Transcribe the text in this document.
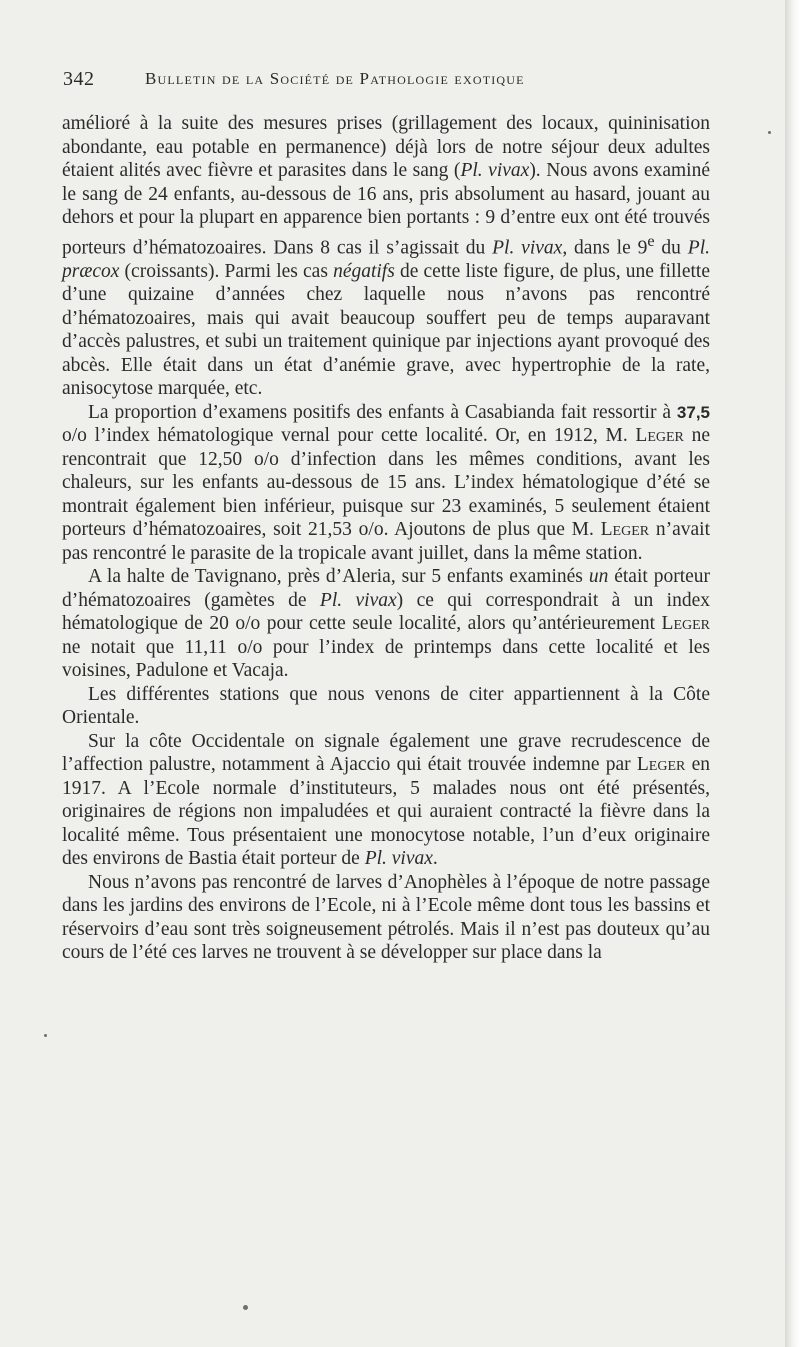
342	Bulletin de la Société de Pathologie exotique

amélioré à la suite des mesures prises (grillagement des locaux, quininisation abondante, eau potable en permanence) déjà lors de notre séjour deux adultes étaient alités avec fièvre et parasites dans le sang (Pl. vivax). Nous avons examiné le sang de 24 enfants, au-dessous de 16 ans, pris absolument au hasard, jouant au dehors et pour la plupart en apparence bien portants : 9 d’entre eux ont été trouvés porteurs d’hématozoaires. Dans 8 cas il s’agissait du Pl. vivax, dans le 9e du Pl. præcox (croissants). Parmi les cas négatifs de cette liste figure, de plus, une fillette d’une quizaine d’années chez laquelle nous n’avons pas rencontré d’hématozoaires, mais qui avait beaucoup souffert peu de temps auparavant d’accès palustres, et subi un traitement quinique par injections ayant provoqué des abcès. Elle était dans un état d’anémie grave, avec hypertrophie de la rate, anisocytose marquée, etc.

La proportion d’examens positifs des enfants à Casabianda fait ressortir à 37,5 o/o l’index hématologique vernal pour cette localité. Or, en 1912, M. Leger ne rencontrait que 12,50 o/o d’infection dans les mêmes conditions, avant les chaleurs, sur les enfants au-dessous de 15 ans. L’index hématologique d’été se montrait également bien inférieur, puisque sur 23 examinés, 5 seulement étaient porteurs d’hématozoaires, soit 21,53 o/o. Ajoutons de plus que M. Leger n’avait pas rencontré le parasite de la tropicale avant juillet, dans la même station.

A la halte de Tavignano, près d’Aleria, sur 5 enfants examinés un était porteur d’hématozoaires (gamètes de Pl. vivax) ce qui correspondrait à un index hématologique de 20 o/o pour cette seule localité, alors qu’antérieurement Leger ne notait que 11,11 o/o pour l’index de printemps dans cette localité et les voisines, Padulone et Vacaja.

Les différentes stations que nous venons de citer appartiennent à la Côte Orientale.

Sur la côte Occidentale on signale également une grave recrudescence de l’affection palustre, notamment à Ajaccio qui était trouvée indemne par Leger en 1917. A l’Ecole normale d’instituteurs, 5 malades nous ont été présentés, originaires de régions non impaludées et qui auraient contracté la fièvre dans la localité même. Tous présentaient une monocytose notable, l’un d’eux originaire des environs de Bastia était porteur de Pl. vivax.

Nous n’avons pas rencontré de larves d’Anophèles à l’époque de notre passage dans les jardins des environs de l’Ecole, ni à l’Ecole même dont tous les bassins et réservoirs d’eau sont très soigneusement pétrolés. Mais il n’est pas douteux qu’au cours de l’été ces larves ne trouvent à se développer sur place dans la
